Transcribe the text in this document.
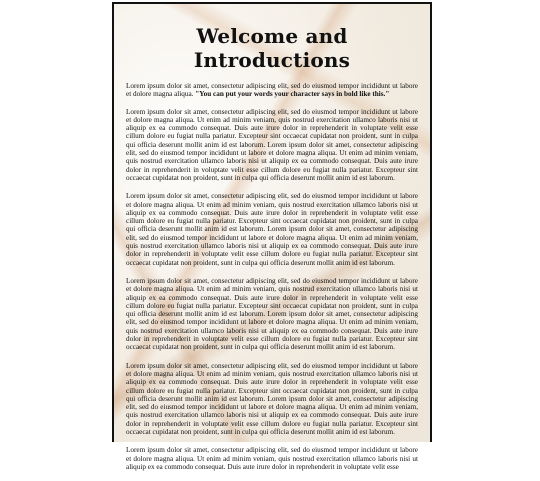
Welcome and Introductions

Lorem ipsum dolor sit amet, consectetur adipiscing elit, sed do eiusmod tempor incididunt ut labore et dolore magna aliqua. "You can put your words your character says in bold like this."

Lorem ipsum dolor sit amet, consectetur adipiscing elit, sed do eiusmod tempor incididunt ut labore et dolore magna aliqua. Ut enim ad minim veniam, quis nostrud exercitation ullamco laboris nisi ut aliquip ex ea commodo consequat. Duis aute irure dolor in reprehenderit in voluptate velit esse cillum dolore eu fugiat nulla pariatur. Excepteur sint occaecat cupidatat non proident, sunt in culpa qui officia deserunt mollit anim id est laborum. Lorem ipsum dolor sit amet, consectetur adipiscing elit, sed do eiusmod tempor incididunt ut labore et dolore magna aliqua. Ut enim ad minim veniam, quis nostrud exercitation ullamco laboris nisi ut aliquip ex ea commodo consequat. Duis aute irure dolor in reprehenderit in voluptate velit esse cillum dolore eu fugiat nulla pariatur. Excepteur sint occaecat cupidatat non proident, sunt in culpa qui officia deserunt mollit anim id est laborum.

Lorem ipsum dolor sit amet, consectetur adipiscing elit, sed do eiusmod tempor incididunt ut labore et dolore magna aliqua. Ut enim ad minim veniam, quis nostrud exercitation ullamco laboris nisi ut aliquip ex ea commodo consequat. Duis aute irure dolor in reprehenderit in voluptate velit esse cillum dolore eu fugiat nulla pariatur. Excepteur sint occaecat cupidatat non proident, sunt in culpa qui officia deserunt mollit anim id est laborum. Lorem ipsum dolor sit amet, consectetur adipiscing elit, sed do eiusmod tempor incididunt ut labore et dolore magna aliqua. Ut enim ad minim veniam, quis nostrud exercitation ullamco laboris nisi ut aliquip ex ea commodo consequat. Duis aute irure dolor in reprehenderit in voluptate velit esse cillum dolore eu fugiat nulla pariatur. Excepteur sint occaecat cupidatat non proident, sunt in culpa qui officia deserunt mollit anim id est laborum.

Lorem ipsum dolor sit amet, consectetur adipiscing elit, sed do eiusmod tempor incididunt ut labore et dolore magna aliqua. Ut enim ad minim veniam, quis nostrud exercitation ullamco laboris nisi ut aliquip ex ea commodo consequat. Duis aute irure dolor in reprehenderit in voluptate velit esse cillum dolore eu fugiat nulla pariatur. Excepteur sint occaecat cupidatat non proident, sunt in culpa qui officia deserunt mollit anim id est laborum. Lorem ipsum dolor sit amet, consectetur adipiscing elit, sed do eiusmod tempor incididunt ut labore et dolore magna aliqua. Ut enim ad minim veniam, quis nostrud exercitation ullamco laboris nisi ut aliquip ex ea commodo consequat. Duis aute irure dolor in reprehenderit in voluptate velit esse cillum dolore eu fugiat nulla pariatur. Excepteur sint occaecat cupidatat non proident, sunt in culpa qui officia deserunt mollit anim id est laborum.

Lorem ipsum dolor sit amet, consectetur adipiscing elit, sed do eiusmod tempor incididunt ut labore et dolore magna aliqua. Ut enim ad minim veniam, quis nostrud exercitation ullamco laboris nisi ut aliquip ex ea commodo consequat. Duis aute irure dolor in reprehenderit in voluptate velit esse cillum dolore eu fugiat nulla pariatur. Excepteur sint occaecat cupidatat non proident, sunt in culpa qui officia deserunt mollit anim id est laborum. Lorem ipsum dolor sit amet, consectetur adipiscing elit, sed do eiusmod tempor incididunt ut labore et dolore magna aliqua. Ut enim ad minim veniam, quis nostrud exercitation ullamco laboris nisi ut aliquip ex ea commodo consequat. Duis aute irure dolor in reprehenderit in voluptate velit esse cillum dolore eu fugiat nulla pariatur. Excepteur sint occaecat cupidatat non proident, sunt in culpa qui officia deserunt mollit anim id est laborum.

Lorem ipsum dolor sit amet, consectetur adipiscing elit, sed do eiusmod tempor incididunt ut labore et dolore magna aliqua. Ut enim ad minim veniam, quis nostrud exercitation ullamco laboris nisi ut aliquip ex ea commodo consequat. Duis aute irure dolor in reprehenderit in voluptate velit esse
